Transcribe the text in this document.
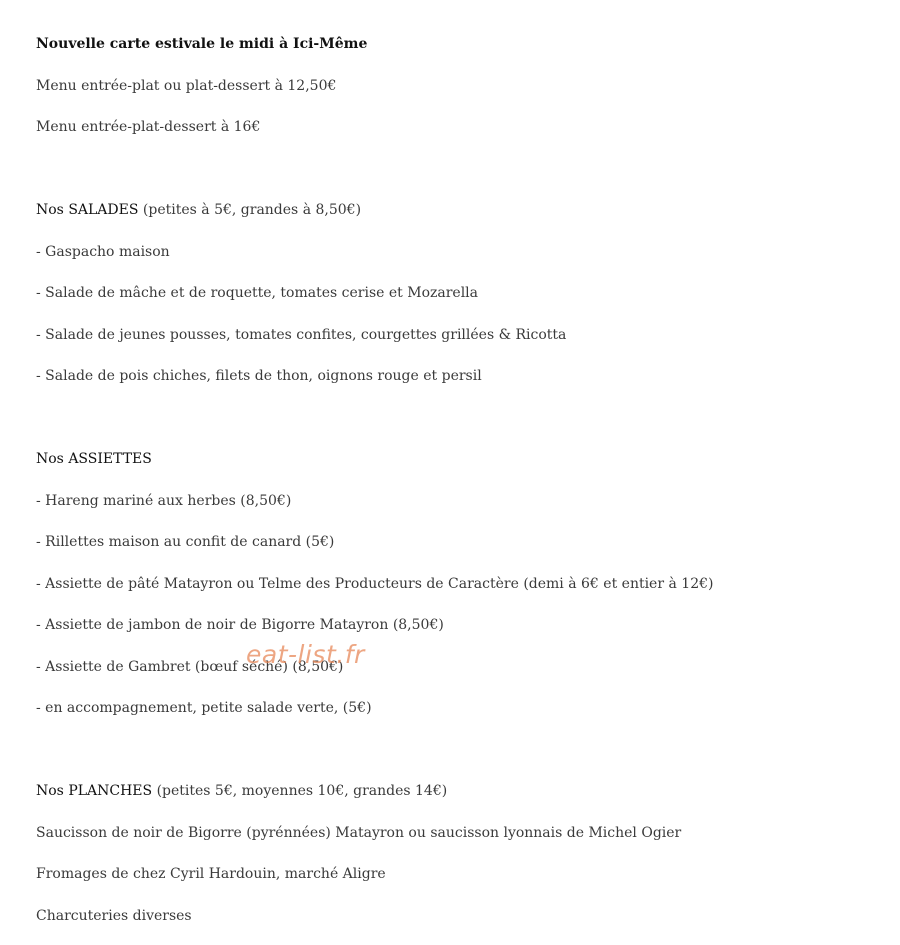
Nouvelle carte estivale le midi à Ici-Même
Menu entrée-plat ou plat-dessert à 12,50€
Menu entrée-plat-dessert à 16€
Nos SALADES (petites à 5€, grandes à 8,50€)
- Gaspacho maison
- Salade de mâche et de roquette, tomates cerise et Mozarella
- Salade de jeunes pousses, tomates confites, courgettes grillées & Ricotta
- Salade de pois chiches, filets de thon, oignons rouge et persil
Nos ASSIETTES
- Hareng mariné aux herbes (8,50€)
- Rillettes maison au confit de canard (5€)
- Assiette de pâté Matayron ou Telme des Producteurs de Caractère (demi à 6€ et entier à 12€)
- Assiette de jambon de noir de Bigorre Matayron (8,50€)
- Assiette de Gambret (bœuf séché) (8,50€)
- en accompagnement, petite salade verte, (5€)
Nos PLANCHES (petites 5€, moyennes 10€, grandes 14€)
Saucisson de noir de Bigorre (pyrénnées) Matayron ou saucisson lyonnais de Michel Ogier
Fromages de chez Cyril Hardouin, marché Aligre
Charcuteries diverses
eat-list.fr
